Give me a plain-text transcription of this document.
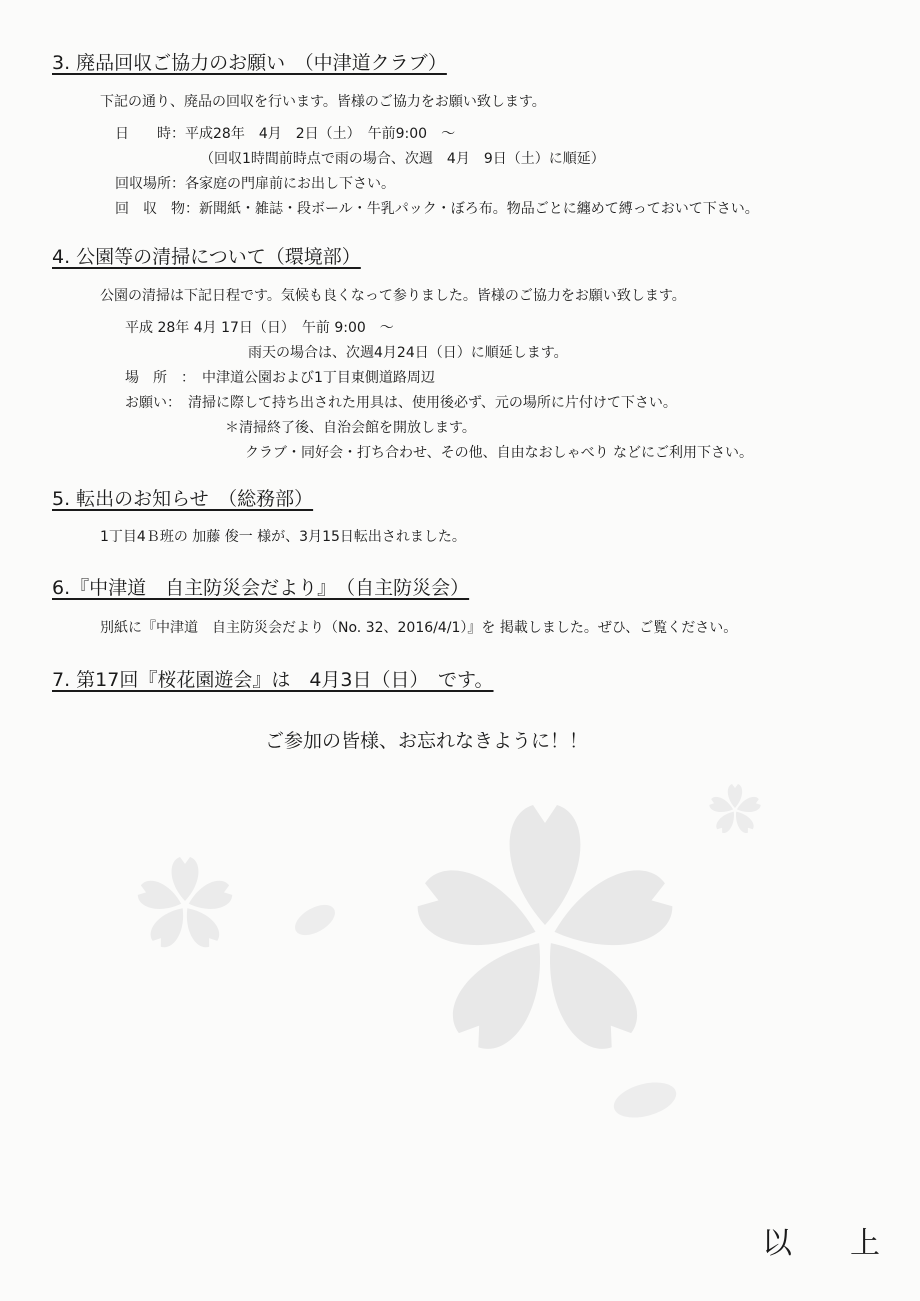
3. 廃品回収ご協力のお願い　（中津道クラブ）
下記の通り、廃品の回収を行います。皆様のご協力をお願い致します。
日　　時：平成28年　4月　2日（土）　午前9:00　～
（回収1時間前時点で雨の場合、次週　4月　9日（土）に順延）
回収場所：各家庭の門扉前にお出し下さい。
回　収　物：新聞紙・雑誌・段ボール・牛乳パック・ぼろ布。物品ごとに纏めて縛っておいて下さい。
4. 公園等の清掃について（環境部）
公園の清掃は下記日程です。気候も良くなって参りました。皆様のご協力をお願い致します。
平成 28年 4月 17日（日）　午前 9:00　～
雨天の場合は、次週4月24日（日）に順延します。
場　所　：　中津道公園および1丁目東側道路周辺
お願い：　清掃に際して持ち出された用具は、使用後必ず、元の場所に片付けて下さい。
＊清掃終了後、自治会館を開放します。
クラブ・同好会・打ち合わせ、その他、自由なおしゃべり などにご利用下さい。
5. 転出のお知らせ　（総務部）
1丁目4Ｂ班の 加藤 俊一 様が、3月15日転出されました。
6.『中津道　自主防災会だより』　（自主防災会）
別紙に『中津道　自主防災会だより（No. 32、2016/4/1）』を 掲載しました。ぜひ、ご覧ください。
7. 第17回『桜花園遊会』は　4月3日（日）　です。
ご参加の皆様、お忘れなきように！！
以　上
